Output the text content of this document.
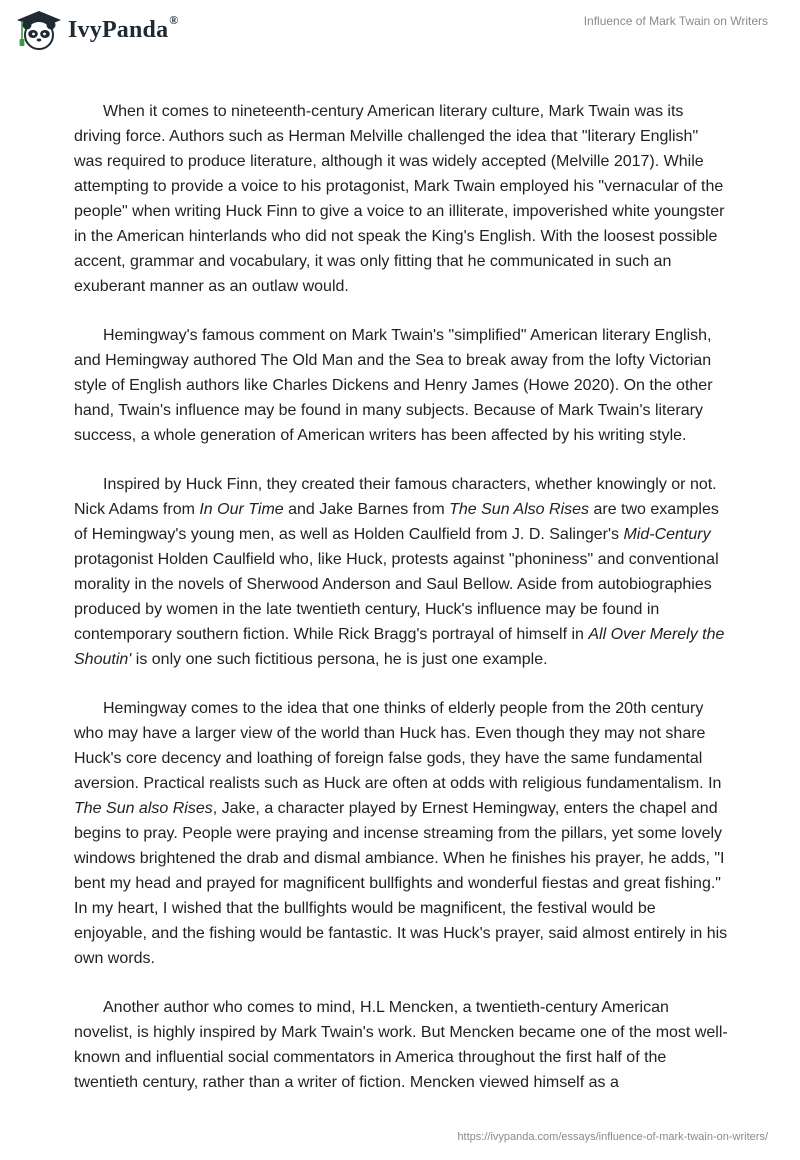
IvyPanda®	Influence of Mark Twain on Writers

When it comes to nineteenth-century American literary culture, Mark Twain was its driving force. Authors such as Herman Melville challenged the idea that "literary English" was required to produce literature, although it was widely accepted (Melville 2017). While attempting to provide a voice to his protagonist, Mark Twain employed his "vernacular of the people" when writing Huck Finn to give a voice to an illiterate, impoverished white youngster in the American hinterlands who did not speak the King's English. With the loosest possible accent, grammar and vocabulary, it was only fitting that he communicated in such an exuberant manner as an outlaw would.

Hemingway's famous comment on Mark Twain's "simplified" American literary English, and Hemingway authored The Old Man and the Sea to break away from the lofty Victorian style of English authors like Charles Dickens and Henry James (Howe 2020). On the other hand, Twain's influence may be found in many subjects. Because of Mark Twain's literary success, a whole generation of American writers has been affected by his writing style.

Inspired by Huck Finn, they created their famous characters, whether knowingly or not. Nick Adams from In Our Time and Jake Barnes from The Sun Also Rises are two examples of Hemingway's young men, as well as Holden Caulfield from J. D. Salinger's Mid-Century protagonist Holden Caulfield who, like Huck, protests against "phoniness" and conventional morality in the novels of Sherwood Anderson and Saul Bellow. Aside from autobiographies produced by women in the late twentieth century, Huck's influence may be found in contemporary southern fiction. While Rick Bragg's portrayal of himself in All Over Merely the Shoutin' is only one such fictitious persona, he is just one example.

Hemingway comes to the idea that one thinks of elderly people from the 20th century who may have a larger view of the world than Huck has. Even though they may not share Huck's core decency and loathing of foreign false gods, they have the same fundamental aversion. Practical realists such as Huck are often at odds with religious fundamentalism. In The Sun also Rises, Jake, a character played by Ernest Hemingway, enters the chapel and begins to pray. People were praying and incense streaming from the pillars, yet some lovely windows brightened the drab and dismal ambiance. When he finishes his prayer, he adds, "I bent my head and prayed for magnificent bullfights and wonderful fiestas and great fishing." In my heart, I wished that the bullfights would be magnificent, the festival would be enjoyable, and the fishing would be fantastic. It was Huck's prayer, said almost entirely in his own words.

Another author who comes to mind, H.L Mencken, a twentieth-century American novelist, is highly inspired by Mark Twain's work. But Mencken became one of the most well-known and influential social commentators in America throughout the first half of the twentieth century, rather than a writer of fiction. Mencken viewed himself as a

https://ivypanda.com/essays/influence-of-mark-twain-on-writers/
